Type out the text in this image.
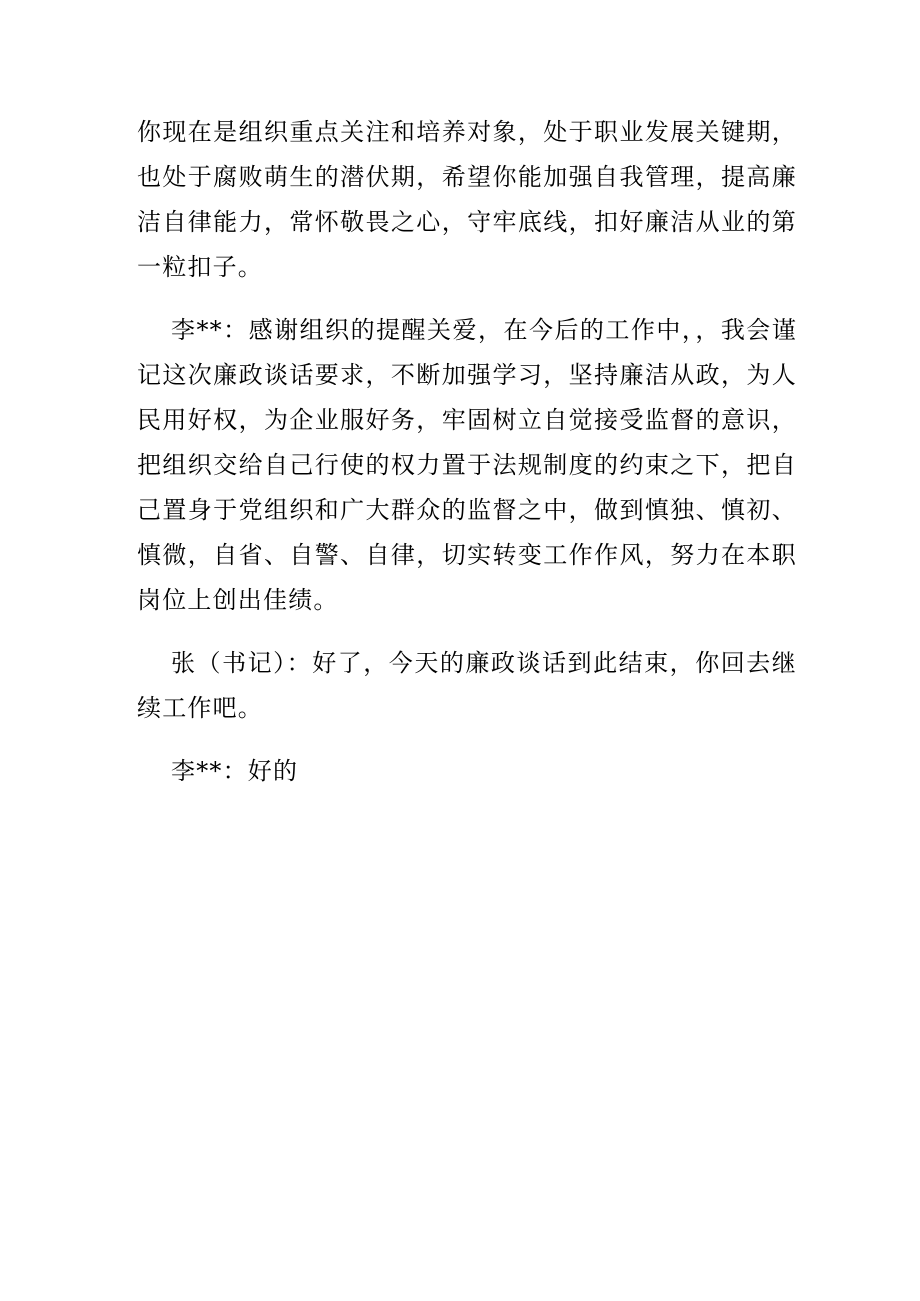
你现在是组织重点关注和培养对象，处于职业发展关键期，也处于腐败萌生的潜伏期，希望你能加强自我管理，提高廉洁自律能力，常怀敬畏之心，守牢底线，扣好廉洁从业的第一粒扣子。

李**：感谢组织的提醒关爱，在今后的工作中，，我会谨记这次廉政谈话要求，不断加强学习，坚持廉洁从政，为人民用好权，为企业服好务，牢固树立自觉接受监督的意识，把组织交给自己行使的权力置于法规制度的约束之下，把自己置身于党组织和广大群众的监督之中，做到慎独、慎初、慎微，自省、自警、自律，切实转变工作作风，努力在本职岗位上创出佳绩。

张（书记）：好了，今天的廉政谈话到此结束，你回去继续工作吧。

李**：好的
